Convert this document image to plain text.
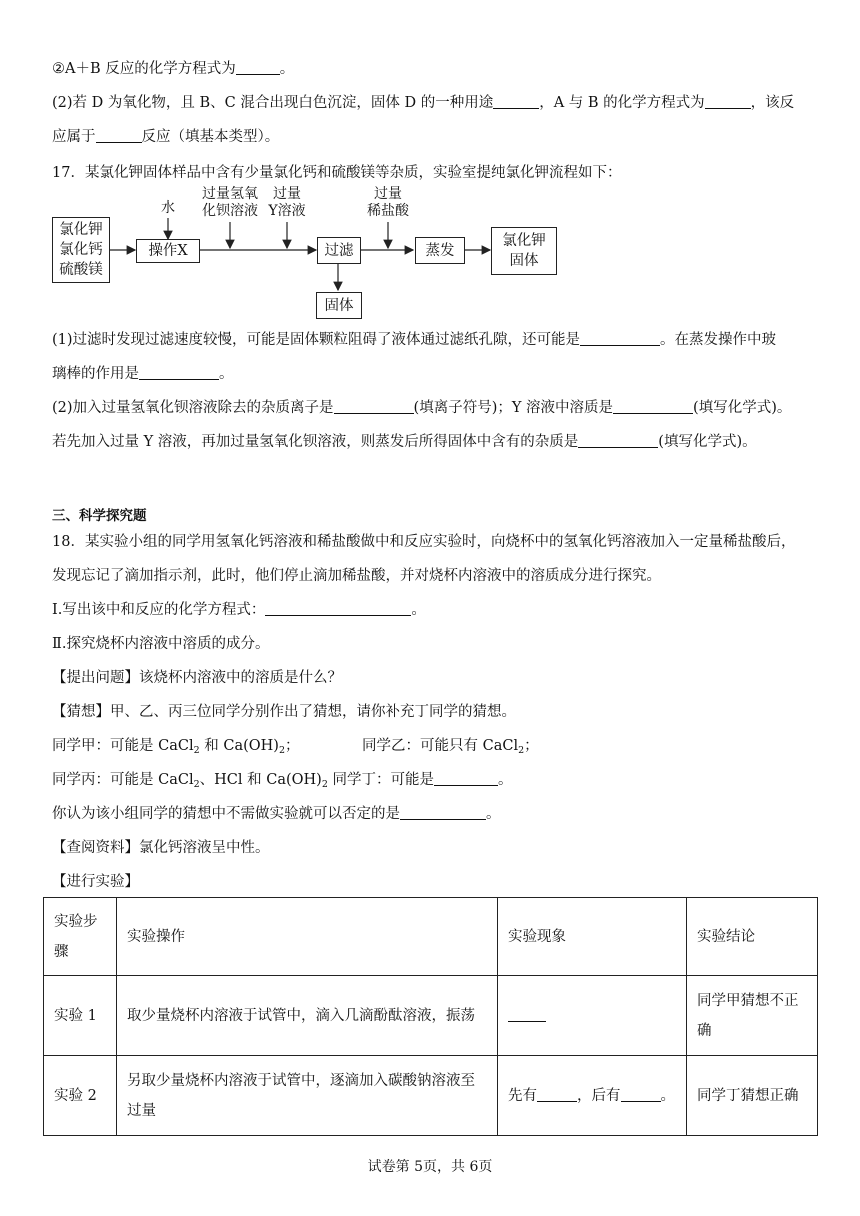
②A＋B 反应的化学方程式为	。
(2)若 D 为氧化物，且 B、C 混合出现白色沉淀，固体 D 的一种用途	，A 与 B 的化学方程式为	，该反
应属于	反应（填基本类型）。
17．某氯化钾固体样品中含有少量氯化钙和硫酸镁等杂质，实验室提纯氯化钾流程如下：
氯化钾
氯化钙
硫酸镁
操作X	过滤	蒸发
氯化钾
固体
固体
水
过量氢氧
化钡溶液
过量
Y溶液
过量
稀盐酸
(1)过滤时发现过滤速度较慢，可能是固体颗粒阻碍了液体通过滤纸孔隙，还可能是	。在蒸发操作中玻
璃棒的作用是	。
(2)加入过量氢氧化钡溶液除去的杂质离子是	(填离子符号)；Y 溶液中溶质是	(填写化学式)。
若先加入过量 Y 溶液，再加过量氢氧化钡溶液，则蒸发后所得固体中含有的杂质是	(填写化学式)。
三、科学探究题
18．某实验小组的同学用氢氧化钙溶液和稀盐酸做中和反应实验时，向烧杯中的氢氧化钙溶液加入一定量稀盐酸后，
发现忘记了滴加指示剂，此时，他们停止滴加稀盐酸，并对烧杯内溶液中的溶质成分进行探究。
Ⅰ.写出该中和反应的化学方程式：	。
Ⅱ.探究烧杯内溶液中溶质的成分。
【提出问题】该烧杯内溶液中的溶质是什么？
【猜想】甲、乙、丙三位同学分别作出了猜想，请你补充丁同学的猜想。
同学甲：可能是 CaCl$_2$ 和 $Ca(OH)_2$；	同学乙：可能只有 CaCl$_2$；
同学丙：可能是 CaCl$_2$、HCl 和 $Ca(OH)_2$ 同学丁：可能是	。
你认为该小组同学的猜想中不需做实验就可以否定的是	。
【查阅资料】氯化钙溶液呈中性。
【进行实验】
实验步
骤	实验操作	实验现象	实验结论
实验 1	取少量烧杯内溶液于试管中，滴入几滴酚酞溶液，振荡		同学甲猜想不正
确

实验 2	另取少量烧杯内溶液于试管中，逐滴加入碳酸钠溶液至
过量	先有 ，后有 。	同学丁猜想正确
试卷第 5页，共 6页
